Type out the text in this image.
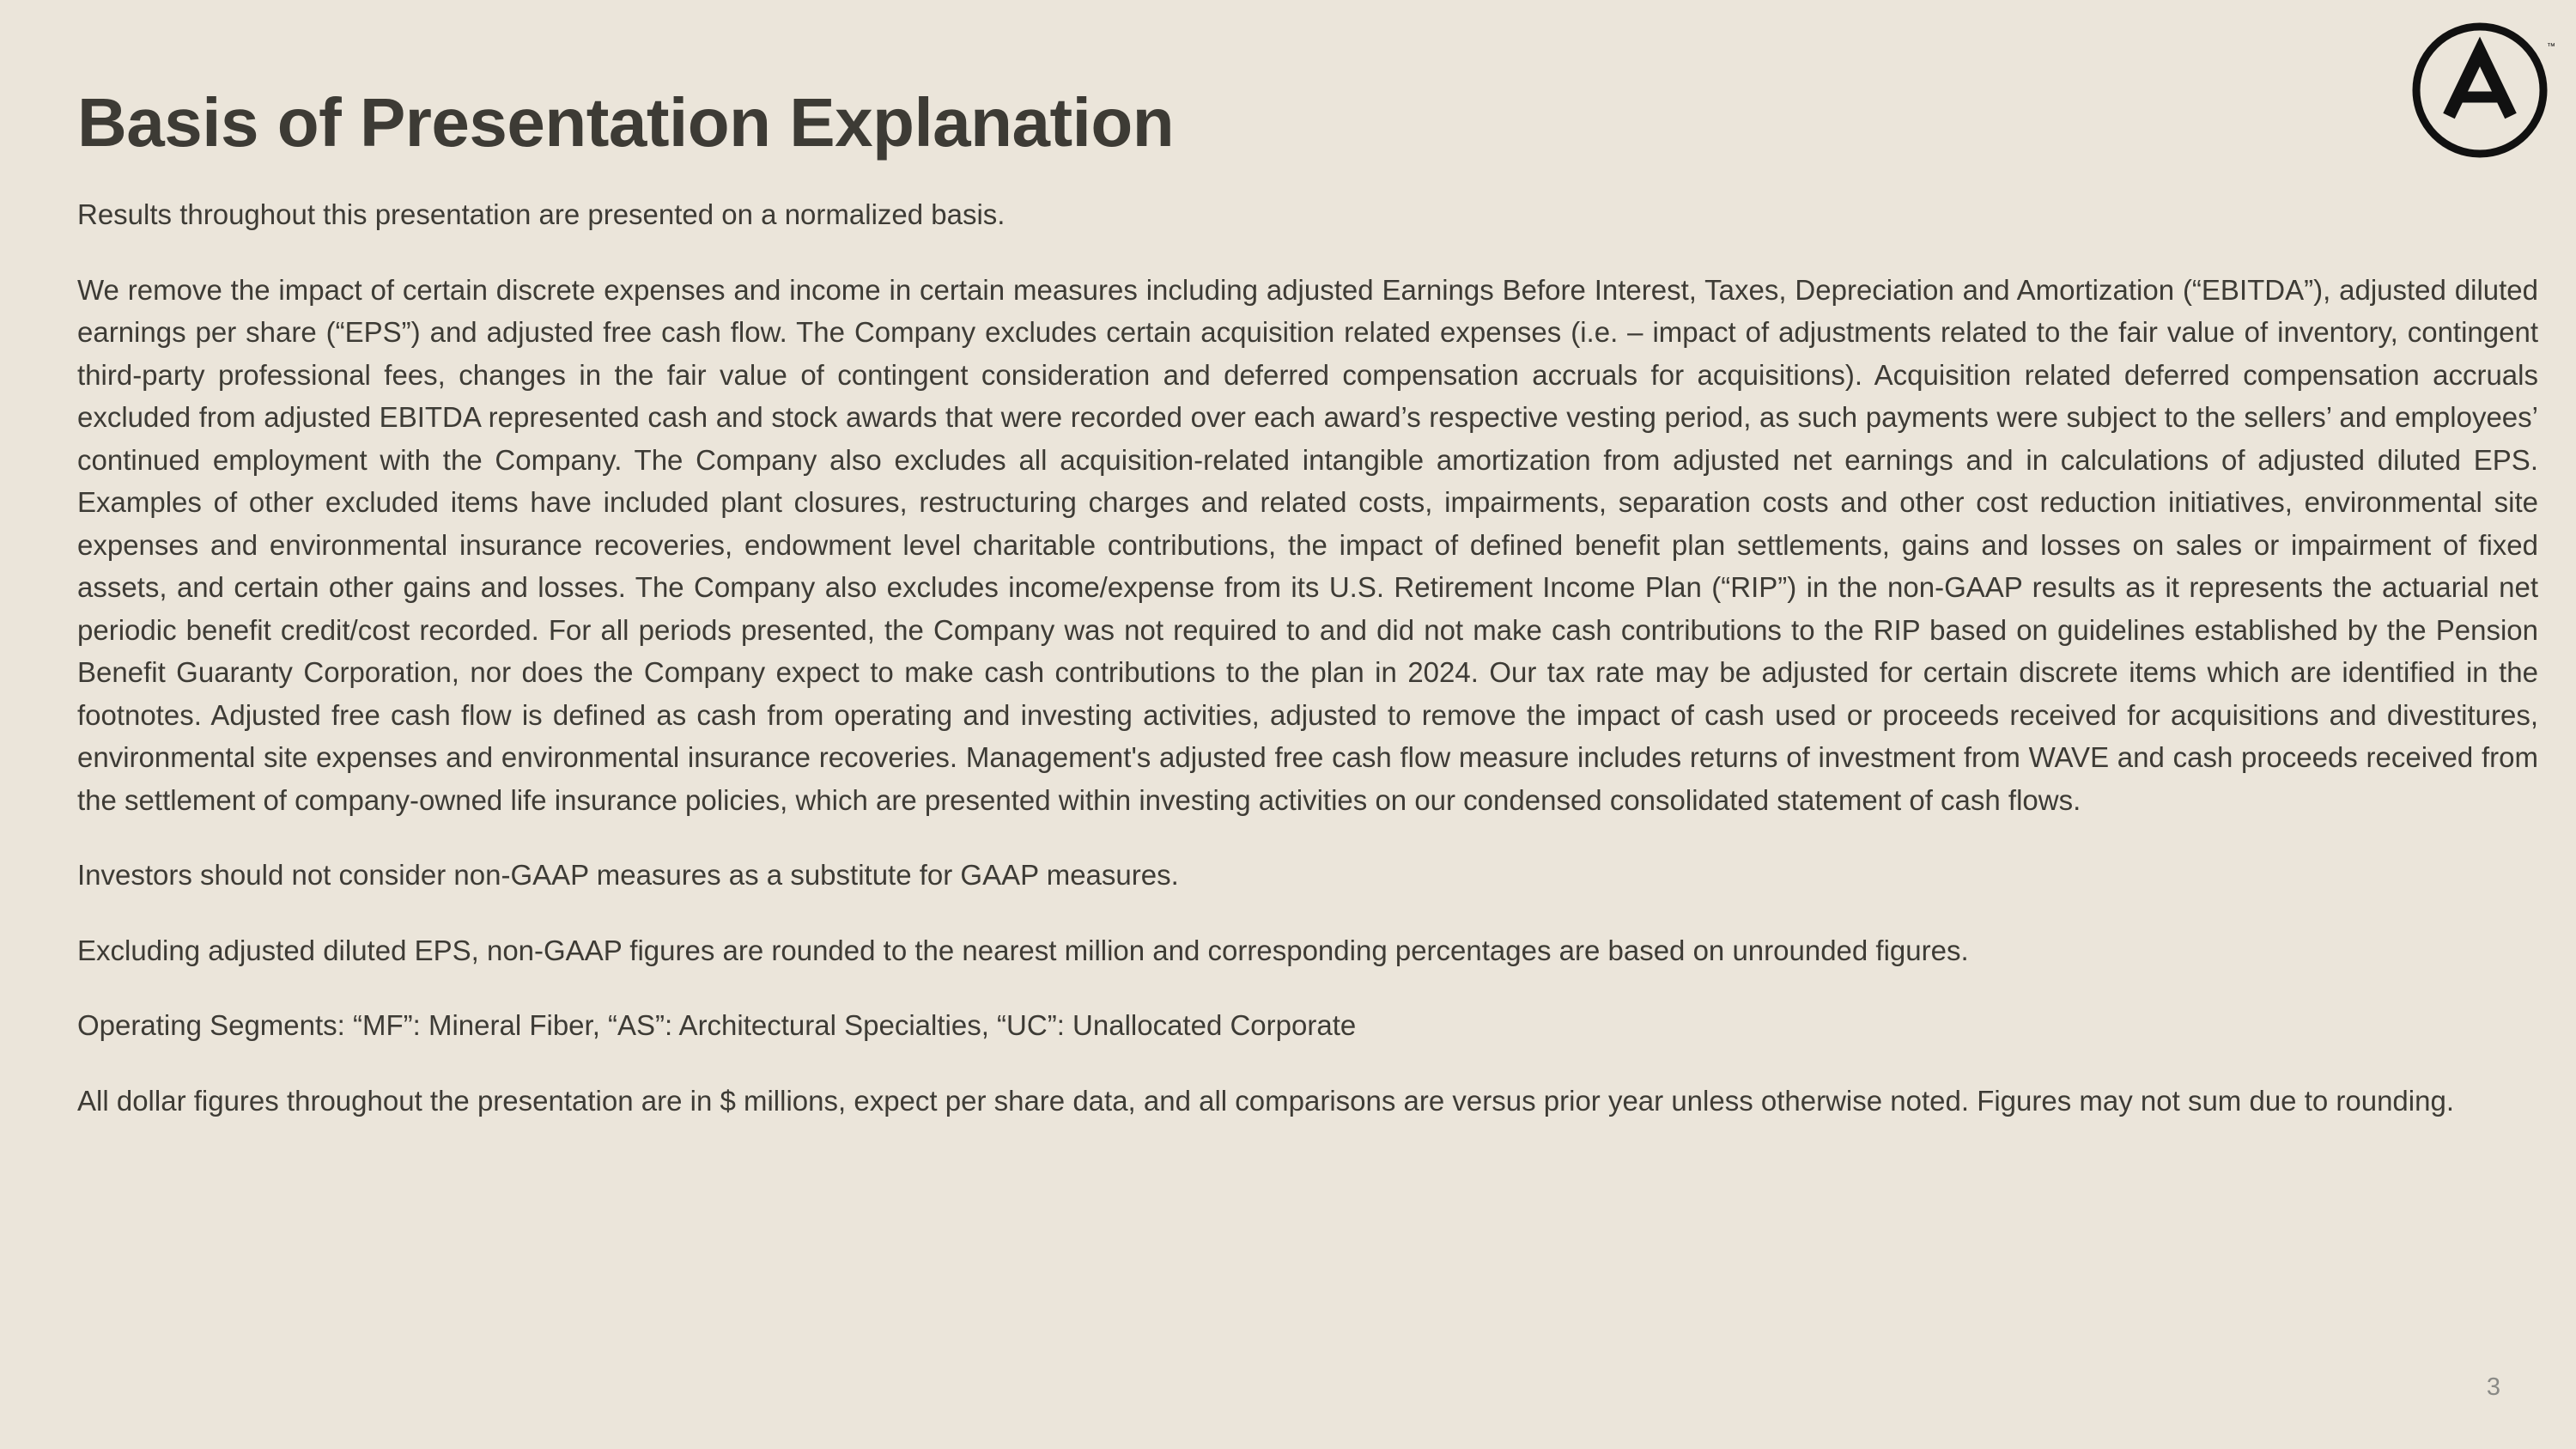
Basis of Presentation Explanation
™

Results throughout this presentation are presented on a normalized basis.

We remove the impact of certain discrete expenses and income in certain measures including adjusted Earnings Before Interest, Taxes, Depreciation and Amortization (“EBITDA”), adjusted diluted earnings per share (“EPS”) and adjusted free cash flow. The Company excludes certain acquisition related expenses (i.e. – impact of adjustments related to the fair value of inventory, contingent third-party professional fees, changes in the fair value of contingent consideration and deferred compensation accruals for acquisitions). Acquisition related deferred compensation accruals excluded from adjusted EBITDA represented cash and stock awards that were recorded over each award’s respective vesting period, as such payments were subject to the sellers’ and employees’ continued employment with the Company. The Company also excludes all acquisition-related intangible amortization from adjusted net earnings and in calculations of adjusted diluted EPS. Examples of other excluded items have included plant closures, restructuring charges and related costs, impairments, separation costs and other cost reduction initiatives, environmental site expenses and environmental insurance recoveries, endowment level charitable contributions, the impact of defined benefit plan settlements, gains and losses on sales or impairment of fixed assets, and certain other gains and losses. The Company also excludes income/expense from its U.S. Retirement Income Plan (“RIP”) in the non-GAAP results as it represents the actuarial net periodic benefit credit/cost recorded. For all periods presented, the Company was not required to and did not make cash contributions to the RIP based on guidelines established by the Pension Benefit Guaranty Corporation, nor does the Company expect to make cash contributions to the plan in 2024. Our tax rate may be adjusted for certain discrete items which are identified in the footnotes. Adjusted free cash flow is defined as cash from operating and investing activities, adjusted to remove the impact of cash used or proceeds received for acquisitions and divestitures, environmental site expenses and environmental insurance recoveries. Management's adjusted free cash flow measure includes returns of investment from WAVE and cash proceeds received from the settlement of company-owned life insurance policies, which are presented within investing activities on our condensed consolidated statement of cash flows.

Investors should not consider non-GAAP measures as a substitute for GAAP measures.

Excluding adjusted diluted EPS, non-GAAP figures are rounded to the nearest million and corresponding percentages are based on unrounded figures.

Operating Segments: “MF”: Mineral Fiber, “AS”: Architectural Specialties, “UC”: Unallocated Corporate

All dollar figures throughout the presentation are in $ millions, expect per share data, and all comparisons are versus prior year unless otherwise noted. Figures may not sum due to rounding.

3
